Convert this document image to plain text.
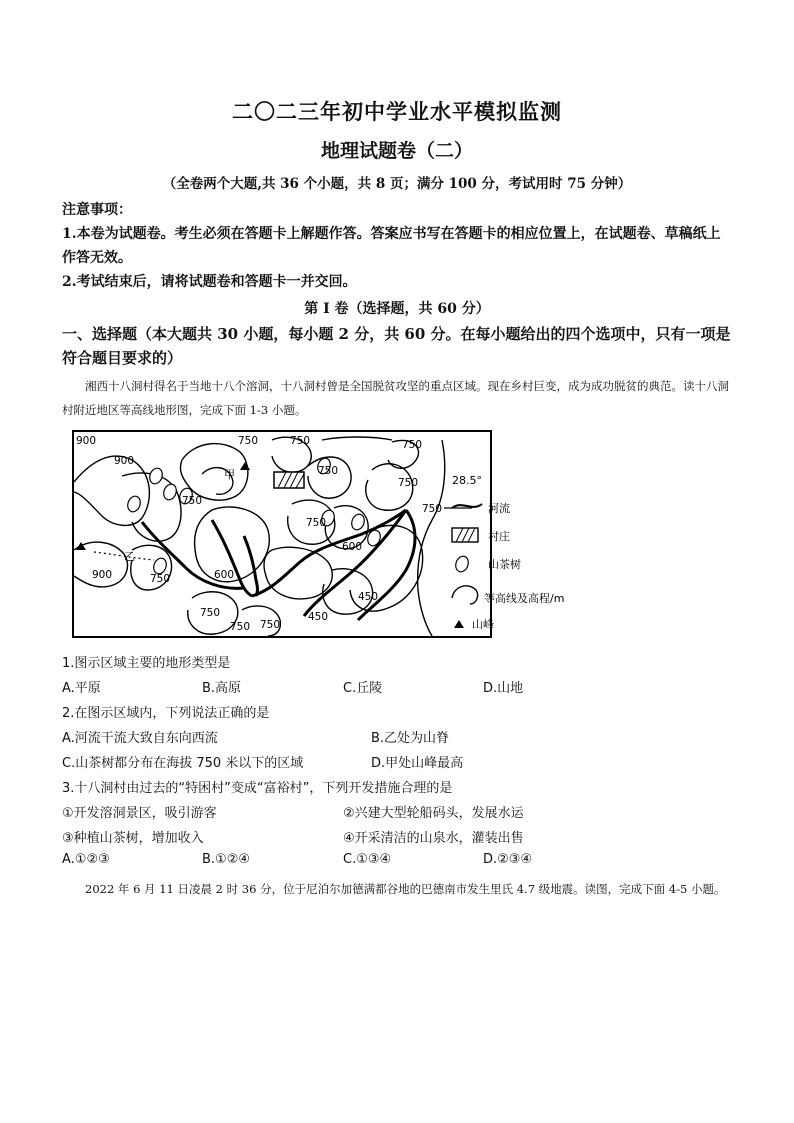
二〇二三年初中学业水平模拟监测
地理试题卷（二）
（全卷两个大题,共 36 个小题，共 8 页；满分 100 分，考试用时 75 分钟）
注意事项：
1.本卷为试题卷。考生必须在答题卡上解题作答。答案应书写在答题卡的相应位置上，在试题卷、草稿纸上作答无效。
2.考试结束后，请将试题卷和答题卡一并交回。
第 I 卷（选择题，共 60 分）
一、选择题（本大题共 30 小题，每小题 2 分，共 60 分。在每小题给出的四个选项中，只有一项是符合题目要求的）
湘西十八洞村得名于当地十八个溶洞，十八洞村曾是全国脱贫攻坚的重点区域。现在乡村巨变，成为成功脱贫的典范。读十八洞村附近地区等高线地形图，完成下面 1-3 小题。
900
900
900
750	750	750
750
750
750
750
750
750
750
750 750
600
600
450
450
甲
乙
28.5°
河流
村庄
山茶树
等高线及高程/m
山峰
1.图示区域主要的地形类型是
A.平原	B.高原	C.丘陵	D.山地
2.在图示区域内，下列说法正确的是
A.河流干流大致自东向西流	B.乙处为山脊
C.山茶树都分布在海拔 750 米以下的区域	D.甲处山峰最高
3.十八洞村由过去的“特困村”变成“富裕村”，下列开发措施合理的是
①开发溶洞景区，吸引游客	②兴建大型轮船码头，发展水运
③种植山茶树，增加收入	④开采清洁的山泉水，灌装出售
A.①②③	B.①②④	C.①③④	D.②③④
2022 年 6 月 11 日凌晨 2 时 36 分，位于尼泊尔加德满都谷地的巴德南市发生里氏 4.7 级地震。读图，完成下面 4-5 小题。
